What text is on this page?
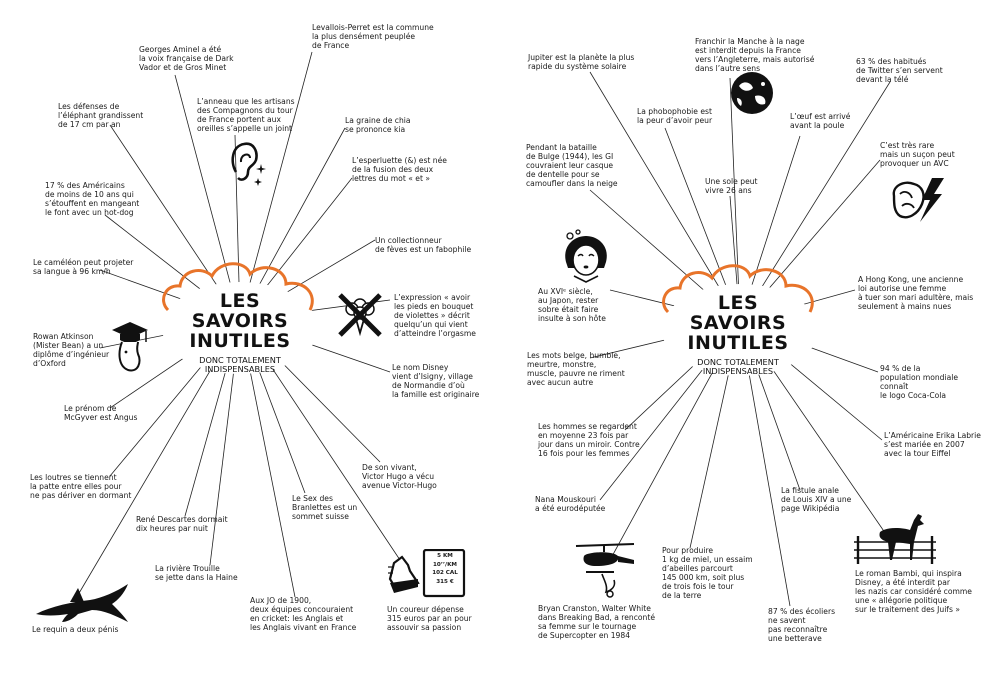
LES SAVOIRS
INUTILES
DONC TOTALEMENT
INDISPENSABLES
LES SAVOIRS
INUTILES
DONC TOTALEMENT
INDISPENSABLES
Georges Aminel a été
la voix française de Dark
Vador et de Gros Minet
Levallois-Perret est la commune
la plus densément peuplée
de France
Les défenses de
l’éléphant grandissent
de 17 cm par an
L’anneau que les artisans
des Compagnons du tour
de France portent aux
oreilles s’appelle un joint
La graine de chia
se prononce kia
17 % des Américains
de moins de 10 ans qui
s’étouffent en mangeant
le font avec un hot-dog
L’esperluette (&) est née
de la fusion des deux
lettres du mot « et »
Un collectionneur
de fèves est un fabophile
Le caméléon peut projeter
sa langue à 96 km/h
L’expression « avoir
les pieds en bouquet
de violettes » décrit
quelqu’un qui vient
d’atteindre l’orgasme
Rowan Atkinson
(Mister Bean) a un
diplôme d’ingénieur
d’Oxford	Le nom Disney
vient d’Isigny, village
de Normandie d’où
la famille est originaire
Le prénom de
McGyver est Angus
De son vivant,
Victor Hugo a vécu
avenue Victor-Hugo
Les loutres se tiennent
la patte entre elles pour
ne pas dériver en dormant	Le Sex des
Branlettes est un
sommet suisse
René Descartes dormait
dix heures par nuit
La rivière Trouille
se jette dans la Haine
Aux JO de 1900,
deux équipes concouraient
en cricket: les Anglais et
les Anglais vivant en France
Un coureur dépense
315 euros par an pour
assouvir sa passion
Le requin a deux pénis
Jupiter est la planète la plus
rapide du système solaire
Franchir la Manche à la nage
est interdit depuis la France
vers l’Angleterre, mais autorisé
dans l’autre sens
63 % des habitués
de Twitter s’en servent
devant la télé
La phobophobie est
la peur d’avoir peur	L’œuf est arrivé
avant la poule
Pendant la bataille
de Bulge (1944), les GI
couvraient leur casque
de dentelle pour se
camoufler dans la neige
C’est très rare
mais un suçon peut
provoquer un AVC
Une sole peut
vivre 26 ans
Au XVIᵉ siècle,
au Japon, rester
sobre était faire
insulte à son hôte
A Hong Kong, une ancienne
loi autorise une femme
à tuer son mari adultère, mais
seulement à mains nues
Les mots belge, humble,
meurtre, monstre,
muscle, pauvre ne riment
avec aucun autre
94 % de la
population mondiale
connaît
le logo Coca-Cola
Les hommes se regardent
en moyenne 23 fois par
jour dans un miroir. Contre
16 fois pour les femmes
L’Américaine Erika Labrie
s’est mariée en 2007
avec la tour Eiffel
Nana Mouskouri
a été eurodéputée
La fistule anale
de Louis XIV a une
page Wikipédia
Pour produire
1 kg de miel, un essaim
d’abeilles parcourt
145 000 km, soit plus
de trois fois le tour
de la terre
Bryan Cranston, Walter White
dans Breaking Bad, a renconté
sa femme sur le tournage
de Supercopter en 1984
87 % des écoliers
ne savent
pas reconnaître
une betterave
Le roman Bambi, qui inspira
Disney, a été interdit par
les nazis car considéré comme
une « allégorie politique
sur le traitement des Juifs »
5 KM
10’’/KM
102 CAL
315 €
